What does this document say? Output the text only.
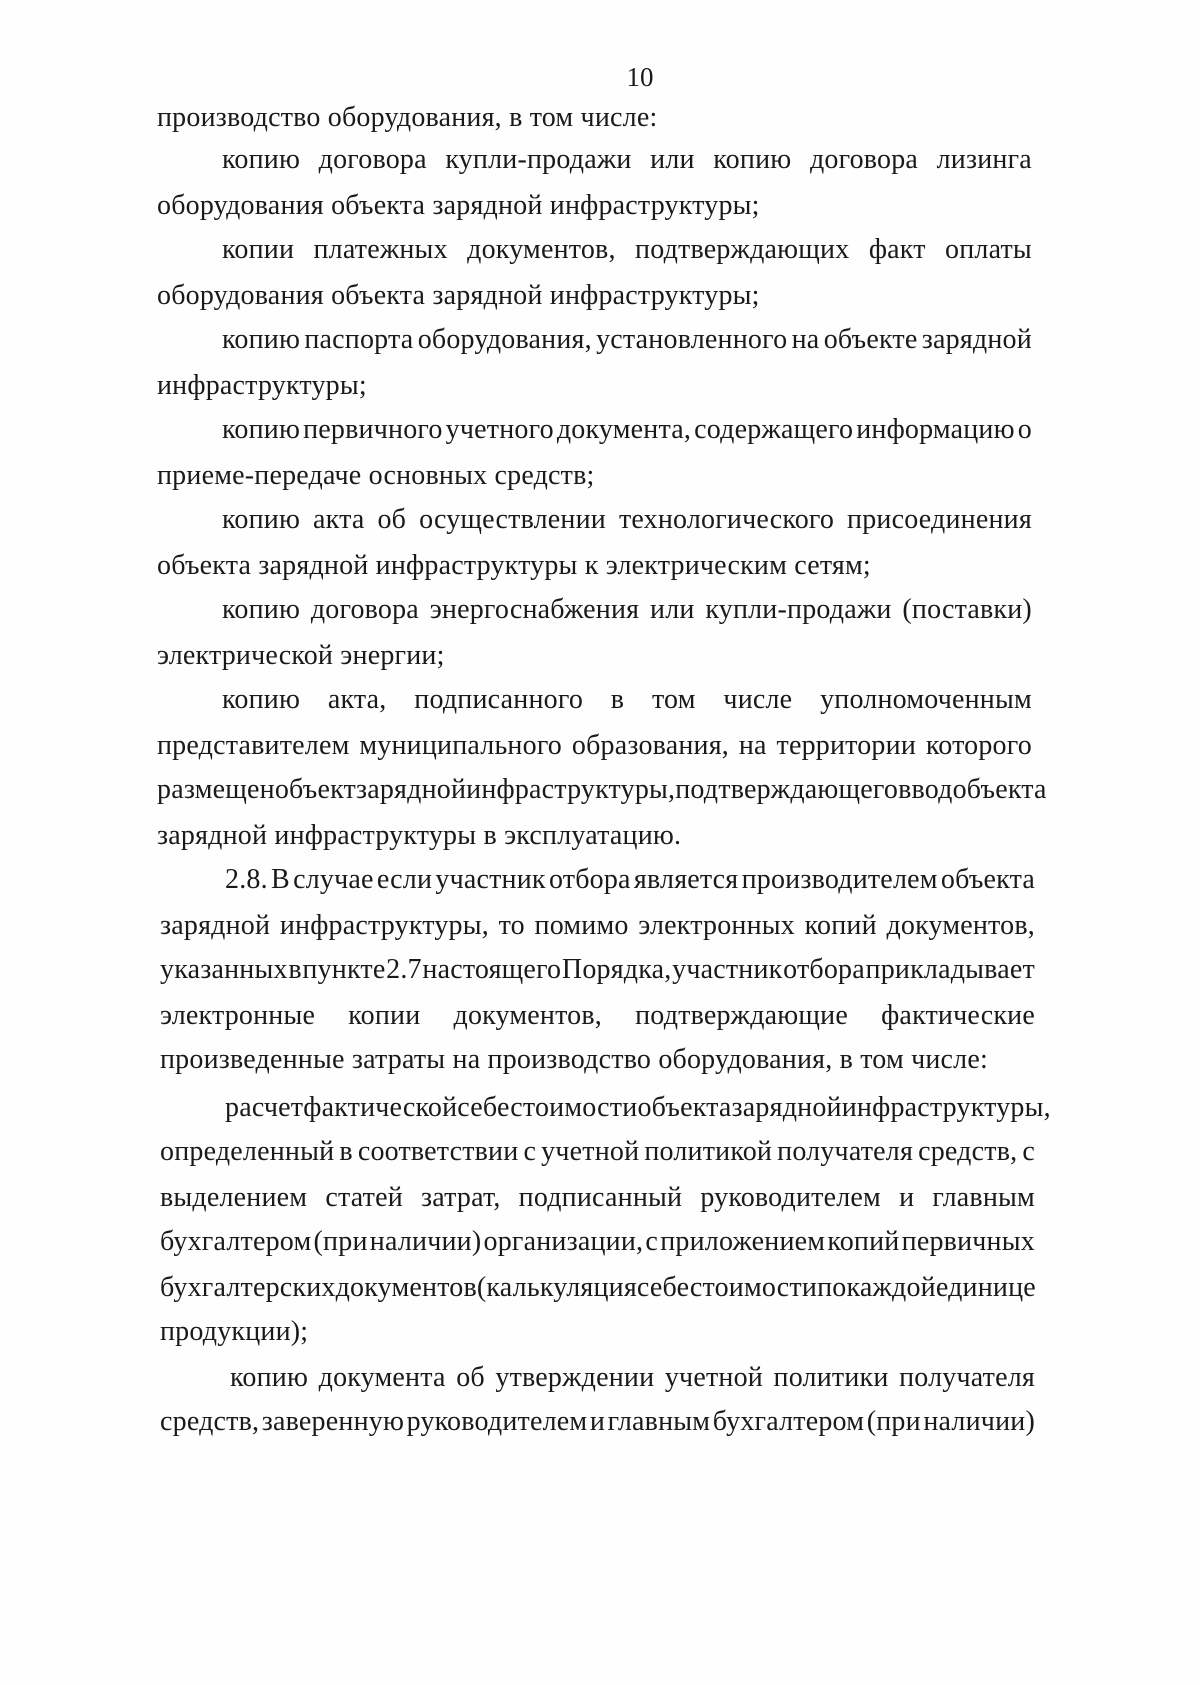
10
производство оборудования, в том числе:
копию договора купли-продажи или копию договора лизинга
оборудования объекта зарядной инфраструктуры;
копии платежных документов, подтверждающих факт оплаты
оборудования объекта зарядной инфраструктуры;
копию паспорта оборудования, установленного на объекте зарядной
инфраструктуры;
копию первичного учетного документа, содержащего информацию о
приеме-передаче основных средств;
копию акта об осуществлении технологического присоединения
объекта зарядной инфраструктуры к электрическим сетям;
копию договора энергоснабжения или купли-продажи (поставки)
электрической энергии;
копию акта, подписанного в том числе уполномоченным
представителем муниципального образования, на территории которого
размещен объект зарядной инфраструктуры, подтверждающего ввод объекта
зарядной инфраструктуры в эксплуатацию.
2.8. В случае если участник отбора является производителем объекта
зарядной инфраструктуры, то помимо электронных копий документов,
указанных в пункте 2.7 настоящего Порядка, участник отбора прикладывает
электронные копии документов, подтверждающие фактические
произведенные затраты на производство оборудования, в том числе:
расчет фактической себестоимости объекта зарядной инфраструктуры,
определенный в соответствии с учетной политикой получателя средств, с
выделением статей затрат, подписанный руководителем и главным
бухгалтером (при наличии) организации, с приложением копий первичных
бухгалтерских документов (калькуляция себестоимости по каждой единице
продукции);
копию документа об утверждении учетной политики получателя
средств, заверенную руководителем и главным бухгалтером (при наличии)
